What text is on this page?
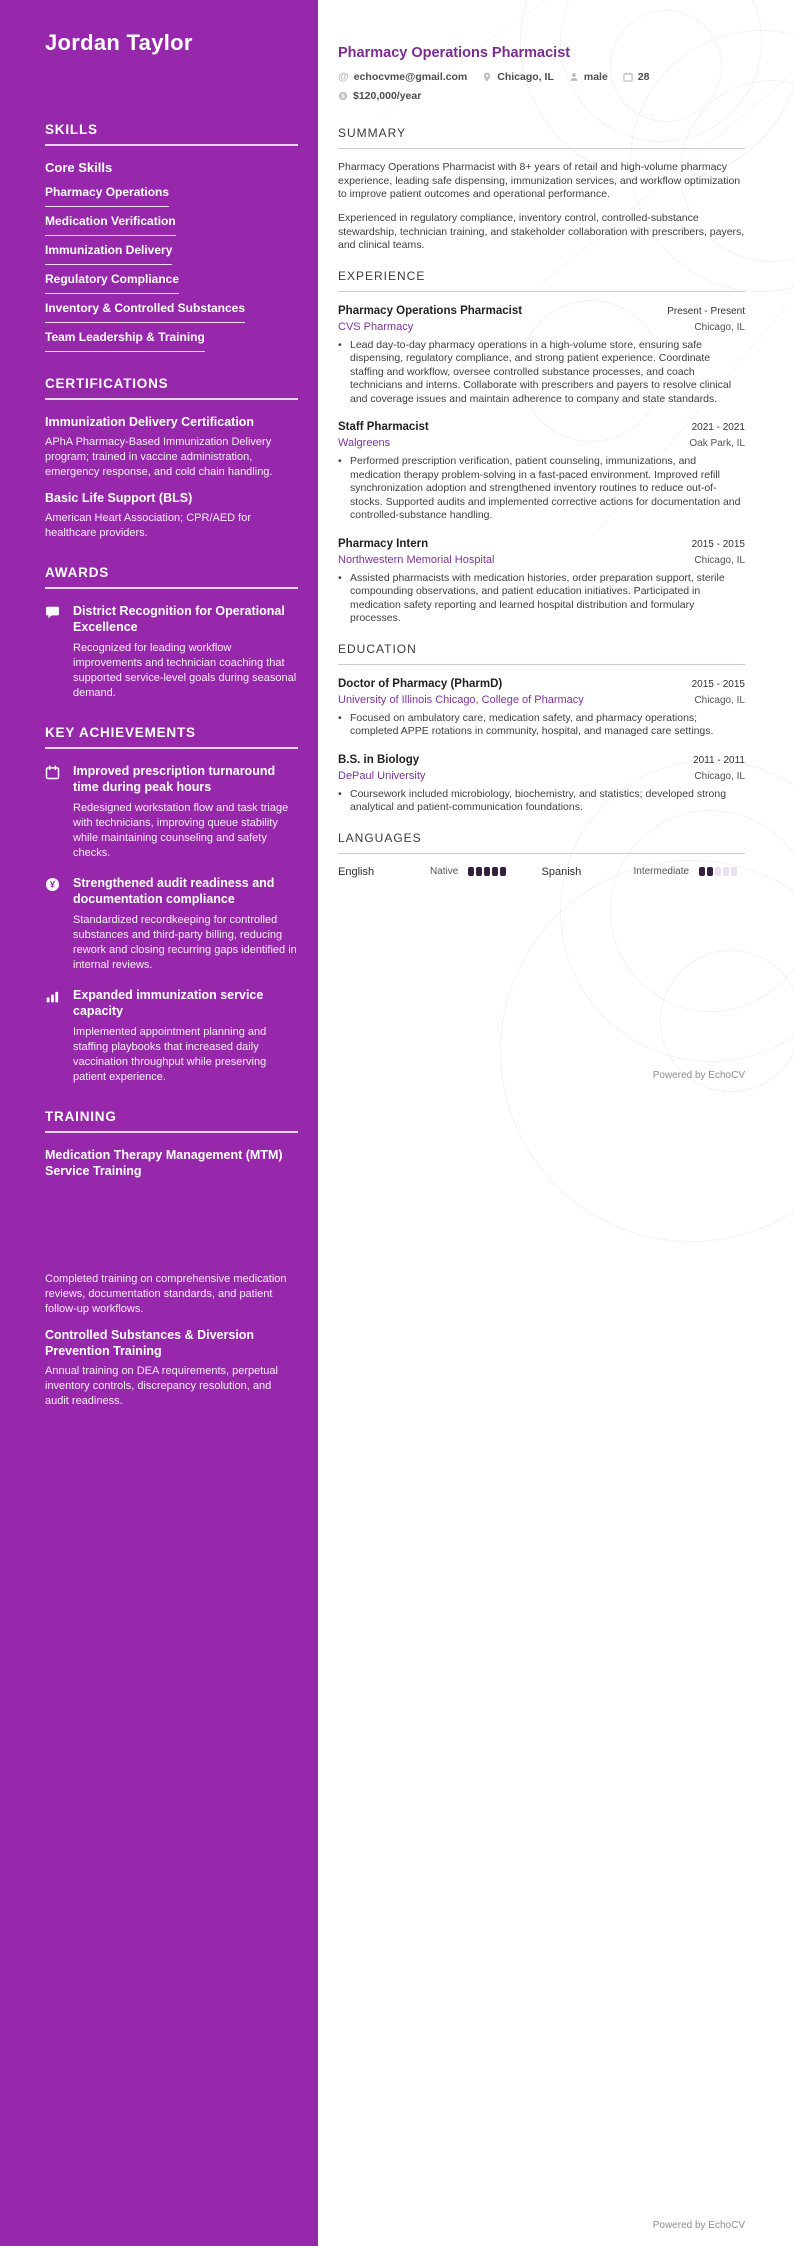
Jordan Taylor
SKILLS
Core Skills
Pharmacy Operations
Medication Verification
Immunization Delivery
Regulatory Compliance
Inventory & Controlled Substances
Team Leadership & Training
CERTIFICATIONS
Immunization Delivery Certification
APhA Pharmacy-Based Immunization Delivery program; trained in vaccine administration, emergency response, and cold chain handling.
Basic Life Support (BLS)
American Heart Association; CPR/AED for healthcare providers.
AWARDS
District Recognition for Operational Excellence
Recognized for leading workflow improvements and technician coaching that supported service-level goals during seasonal demand.
KEY ACHIEVEMENTS
Improved prescription turnaround time during peak hours
Redesigned workstation flow and task triage with technicians, improving queue stability while maintaining counseling and safety checks.
¥ Strengthened audit readiness and documentation compliance
Standardized recordkeeping for controlled substances and third-party billing, reducing rework and closing recurring gaps identified in internal reviews.
Expanded immunization service capacity
Implemented appointment planning and staffing playbooks that increased daily vaccination throughput while preserving patient experience.
TRAINING
Medication Therapy Management (MTM) Service Training
Completed training on comprehensive medication reviews, documentation standards, and patient follow-up workflows.
Controlled Substances & Diversion Prevention Training
Annual training on DEA requirements, perpetual inventory controls, discrepancy resolution, and audit readiness.
Pharmacy Operations Pharmacist
@ echocvme@gmail.com	Chicago, IL	male	28
$ $120,000/year
SUMMARY

Pharmacy Operations Pharmacist with 8+ years of retail and high-volume pharmacy experience, leading safe dispensing, immunization services, and workflow optimization to improve patient outcomes and operational performance.

Experienced in regulatory compliance, inventory control, controlled-substance stewardship, technician training, and stakeholder collaboration with prescribers, payers, and clinical teams.

EXPERIENCE
Pharmacy Operations Pharmacist	Present - Present
CVS Pharmacy	Chicago, IL
• Lead day-to-day pharmacy operations in a high-volume store, ensuring safe dispensing, regulatory compliance, and strong patient experience. Coordinate staffing and workflow, oversee controlled substance processes, and coach technicians and interns. Collaborate with prescribers and payers to resolve clinical and coverage issues and maintain adherence to company and state standards.
Staff Pharmacist	2021 - 2021
Walgreens	Oak Park, IL
• Performed prescription verification, patient counseling, immunizations, and medication therapy problem-solving in a fast-paced environment. Improved refill synchronization adoption and strengthened inventory routines to reduce out-of-stocks. Supported audits and implemented corrective actions for documentation and controlled-substance handling.
Pharmacy Intern	2015 - 2015
Northwestern Memorial Hospital	Chicago, IL
• Assisted pharmacists with medication histories, order preparation support, sterile compounding observations, and patient education initiatives. Participated in medication safety reporting and learned hospital distribution and formulary processes.
EDUCATION
Doctor of Pharmacy (PharmD)	2015 - 2015
University of Illinois Chicago, College of Pharmacy	Chicago, IL
• Focused on ambulatory care, medication safety, and pharmacy operations; completed APPE rotations in community, hospital, and managed care settings.
B.S. in Biology	2011 - 2011
DePaul University	Chicago, IL
• Coursework included microbiology, biochemistry, and statistics; developed strong analytical and patient-communication foundations.
LANGUAGES
English	Native	Spanish	Intermediate
Powered by EchoCV
Powered by EchoCV
